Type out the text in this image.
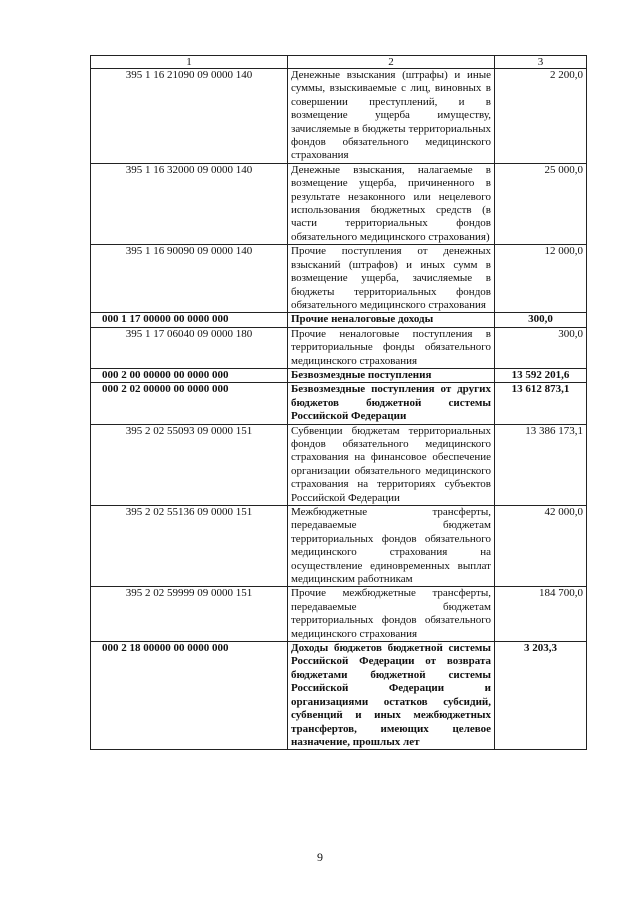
1	2	3
395 1 16 21090 09 0000 140	Денежные взыскания (штрафы) и иные суммы, взыскиваемые с лиц, виновных в совершении преступлений, и в возмещение ущерба имуществу, зачисляемые в бюджеты территориальных фондов обязательного медицинского страхования	2 200,0
395 1 16 32000 09 0000 140	Денежные взыскания, налагаемые в возмещение ущерба, причиненного в результате незаконного или нецелевого использования бюджетных средств (в части территориальных фондов обязательного медицинского страхования)	25 000,0
395 1 16 90090 09 0000 140	Прочие поступления от денежных взысканий (штрафов) и иных сумм в возмещение ущерба, зачисляемые в бюджеты территориальных фондов обязательного медицинского страхования	12 000,0
000 1 17 00000 00 0000 000	Прочие неналоговые доходы	300,0
395 1 17 06040 09 0000 180	Прочие неналоговые поступления в территориальные фонды обязательного медицинского страхования	300,0
000 2 00 00000 00 0000 000	Безвозмездные поступления	13 592 201,6
000 2 02 00000 00 0000 000	Безвозмездные поступления от других бюджетов бюджетной системы Российской Федерации	13 612 873,1
395 2 02 55093 09 0000 151	Субвенции бюджетам территориальных фондов обязательного медицинского страхования на финансовое обеспечение организации обязательного медицинского страхования на территориях субъектов Российской Федерации	13 386 173,1
395 2 02 55136 09 0000 151	Межбюджетные трансферты, передаваемые бюджетам территориальных фондов обязательного медицинского страхования на осуществление единовременных выплат медицинским работникам	42 000,0
395 2 02 59999 09 0000 151	Прочие межбюджетные трансферты, передаваемые бюджетам территориальных фондов обязательного медицинского страхования	184 700,0
000 2 18 00000 00 0000 000	Доходы бюджетов бюджетной системы Российской Федерации от возврата бюджетами бюджетной системы Российской Федерации и организациями остатков субсидий, субвенций и иных межбюджетных трансфертов, имеющих целевое назначение, прошлых лет	3 203,3
9
